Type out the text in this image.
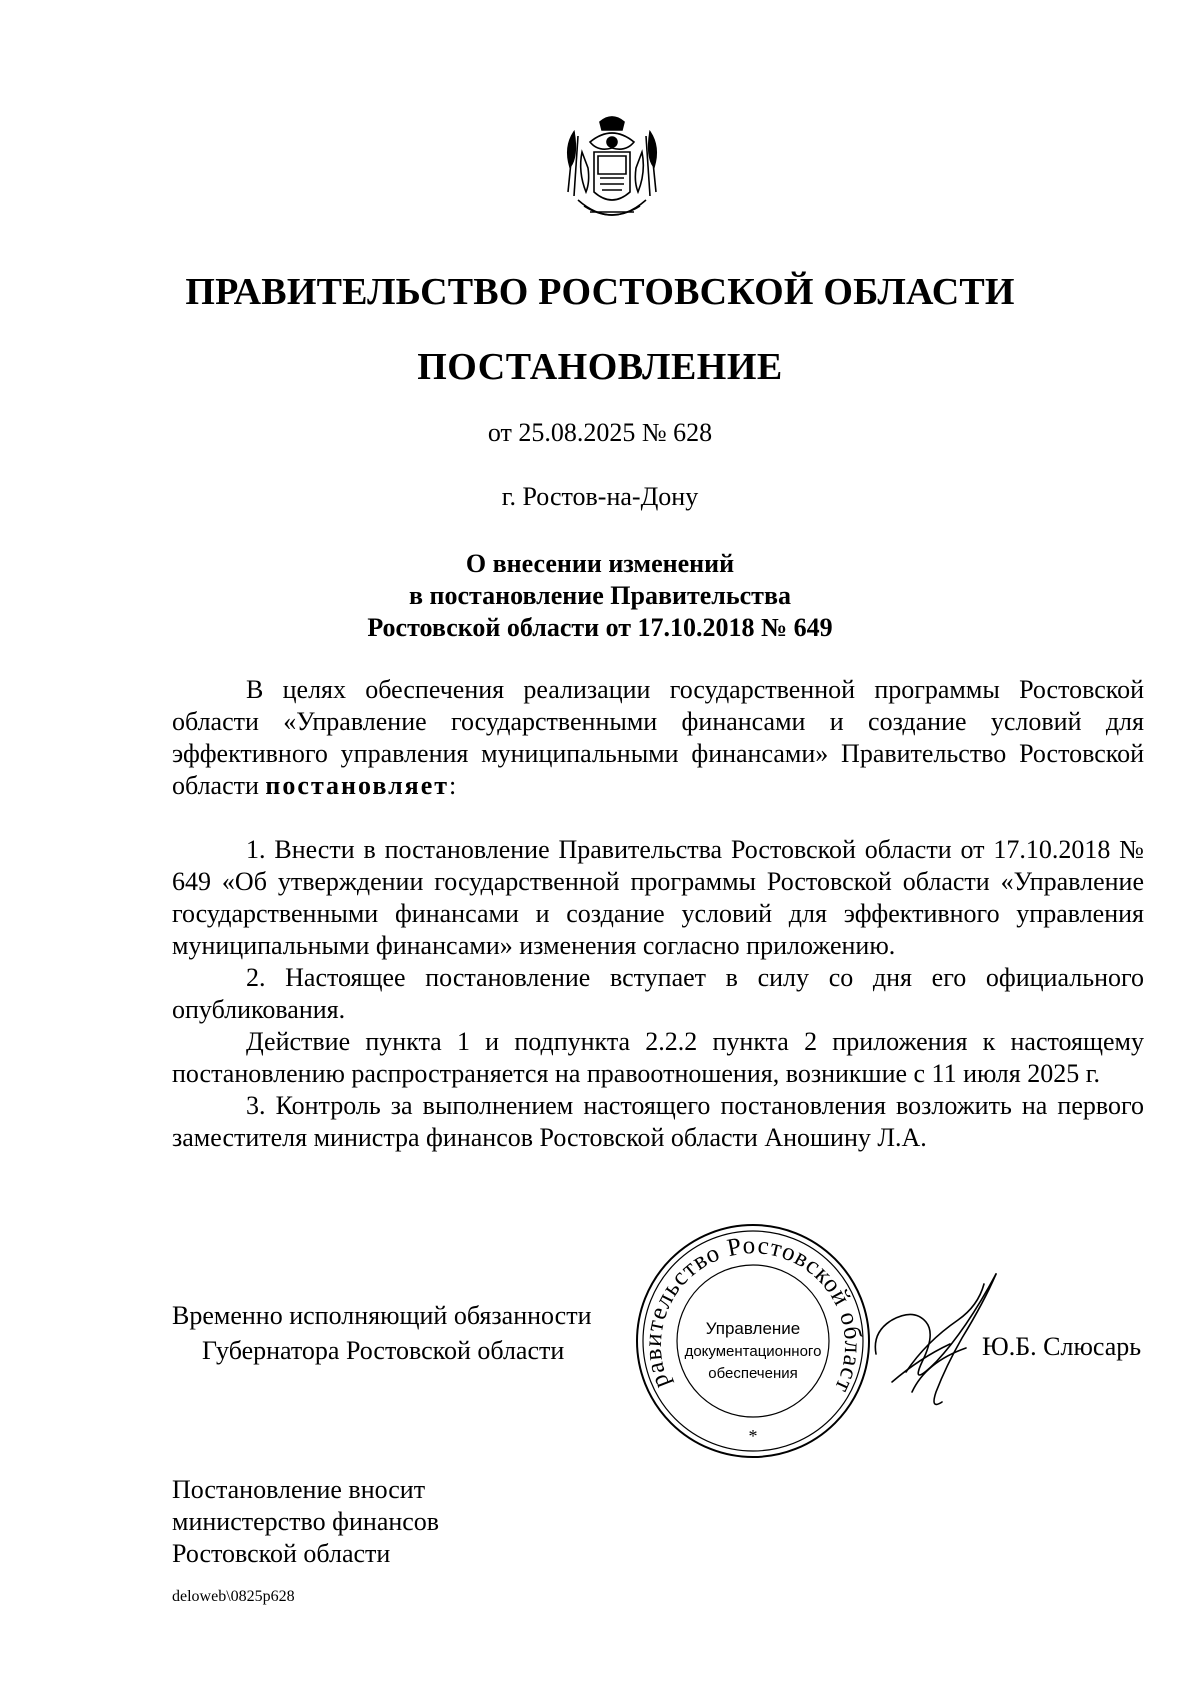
ПРАВИТЕЛЬСТВО РОСТОВСКОЙ ОБЛАСТИ
ПОСТАНОВЛЕНИЕ
от 25.08.2025 № 628
г. Ростов-на-Дону
О внесении изменений
в постановление Правительства
Ростовской области от 17.10.2018 № 649

В целях обеспечения реализации государственной программы Ростовской области «Управление государственными финансами и создание условий для эффективного управления муниципальными финансами» Правительство Ростовской области постановляет:

1. Внести в постановление Правительства Ростовской области от 17.10.2018 № 649 «Об утверждении государственной программы Ростовской области «Управление государственными финансами и создание условий для эффективного управления муниципальными финансами» изменения согласно приложению.

2. Настоящее постановление вступает в силу со дня его официального опубликования.

Действие пункта 1 и подпункта 2.2.2 пункта 2 приложения к настоящему постановлению распространяется на правоотношения, возникшие с 11 июля 2025 г.

3. Контроль за выполнением настоящего постановления возложить на первого заместителя министра финансов Ростовской области Аношину Л.А.

Временно исполняющий обязанности
Губернатора Ростовской области
равительство Ростовской област
Управление
документационного
обеспечения
*
Ю.Б. Слюсарь
Постановление вносит
министерство финансов
Ростовской области
deloweb\0825p628
